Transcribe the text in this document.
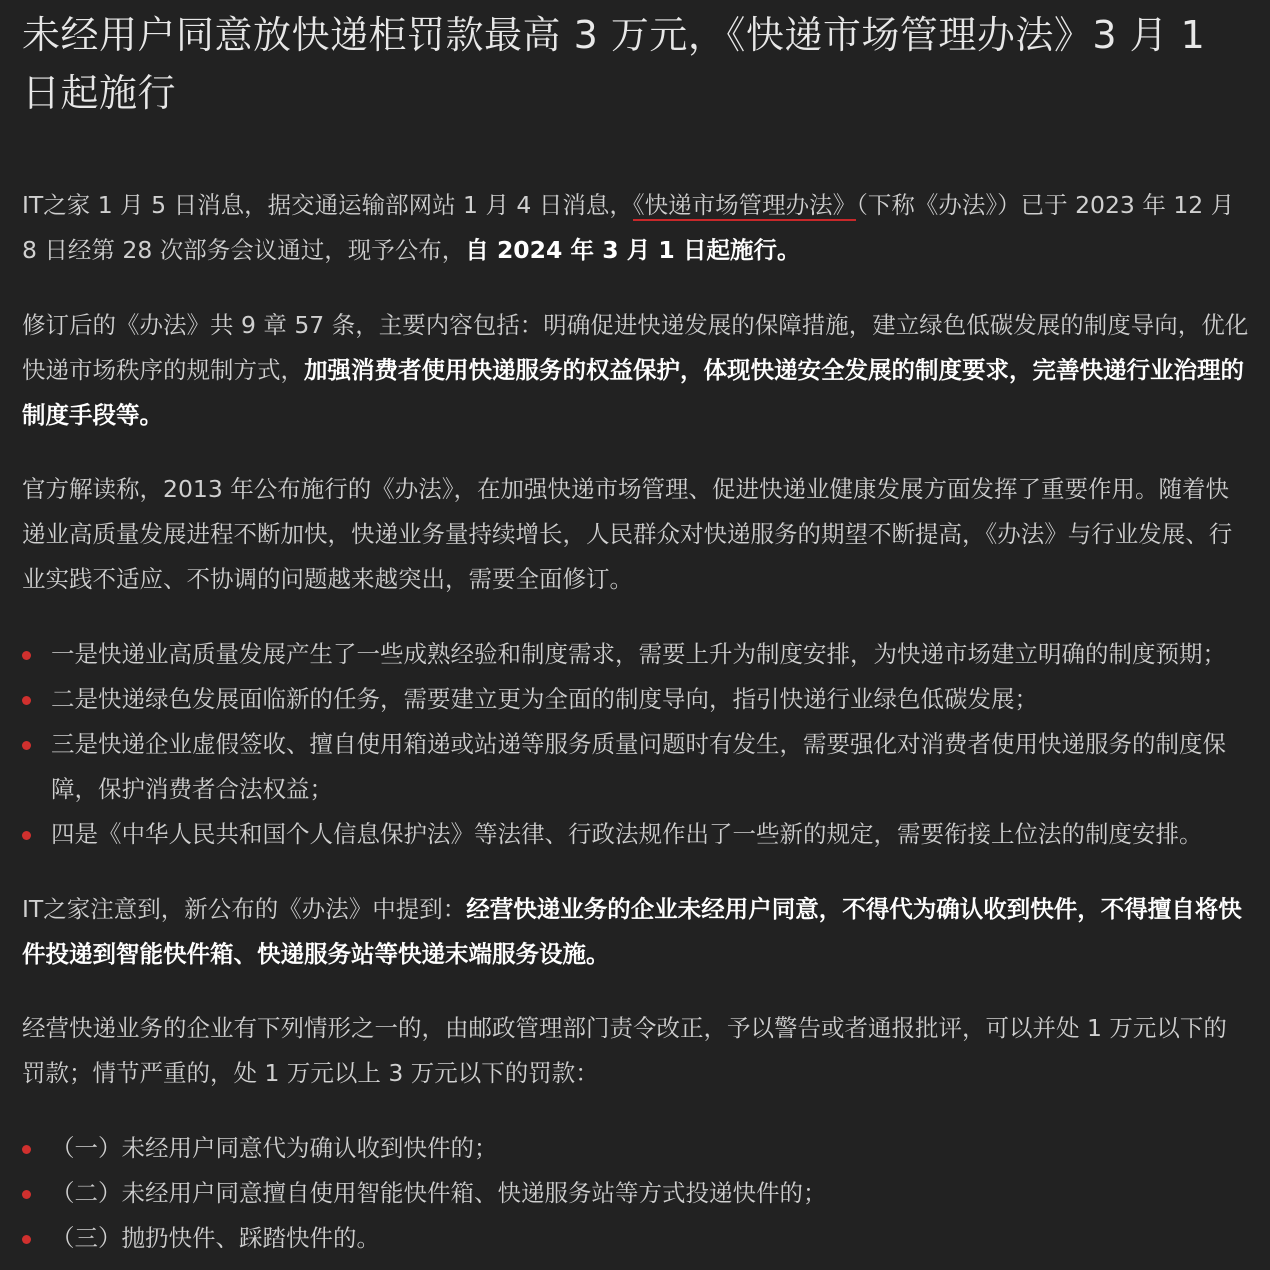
未经用户同意放快递柜罚款最高 3 万元，《快递市场管理办法》3 月 1 日起施行

IT之家 1 月 5 日消息，据交通运输部网站 1 月 4 日消息，《快递市场管理办法》（下称《办法》）已于 2023 年 12 月 8 日经第 28 次部务会议通过，现予公布，自 2024 年 3 月 1 日起施行。

修订后的《办法》共 9 章 57 条，主要内容包括：明确促进快递发展的保障措施，建立绿色低碳发展的制度导向，优化快递市场秩序的规制方式，加强消费者使用快递服务的权益保护，体现快递安全发展的制度要求，完善快递行业治理的制度手段等。

官方解读称，2013 年公布施行的《办法》，在加强快递市场管理、促进快递业健康发展方面发挥了重要作用。随着快递业高质量发展进程不断加快，快递业务量持续增长，人民群众对快递服务的期望不断提高，《办法》与行业发展、行业实践不适应、不协调的问题越来越突出，需要全面修订。

一是快递业高质量发展产生了一些成熟经验和制度需求，需要上升为制度安排，为快递市场建立明确的制度预期；
二是快递绿色发展面临新的任务，需要建立更为全面的制度导向，指引快递行业绿色低碳发展；
三是快递企业虚假签收、擅自使用箱递或站递等服务质量问题时有发生，需要强化对消费者使用快递服务的制度保障，保护消费者合法权益；
四是《中华人民共和国个人信息保护法》等法律、行政法规作出了一些新的规定，需要衔接上位法的制度安排。

IT之家注意到，新公布的《办法》中提到：经营快递业务的企业未经用户同意，不得代为确认收到快件，不得擅自将快件投递到智能快件箱、快递服务站等快递末端服务设施。

经营快递业务的企业有下列情形之一的，由邮政管理部门责令改正，予以警告或者通报批评，可以并处 1 万元以下的罚款；情节严重的，处 1 万元以上 3 万元以下的罚款：

（一）未经用户同意代为确认收到快件的；
（二）未经用户同意擅自使用智能快件箱、快递服务站等方式投递快件的；
（三）抛扔快件、踩踏快件的。
